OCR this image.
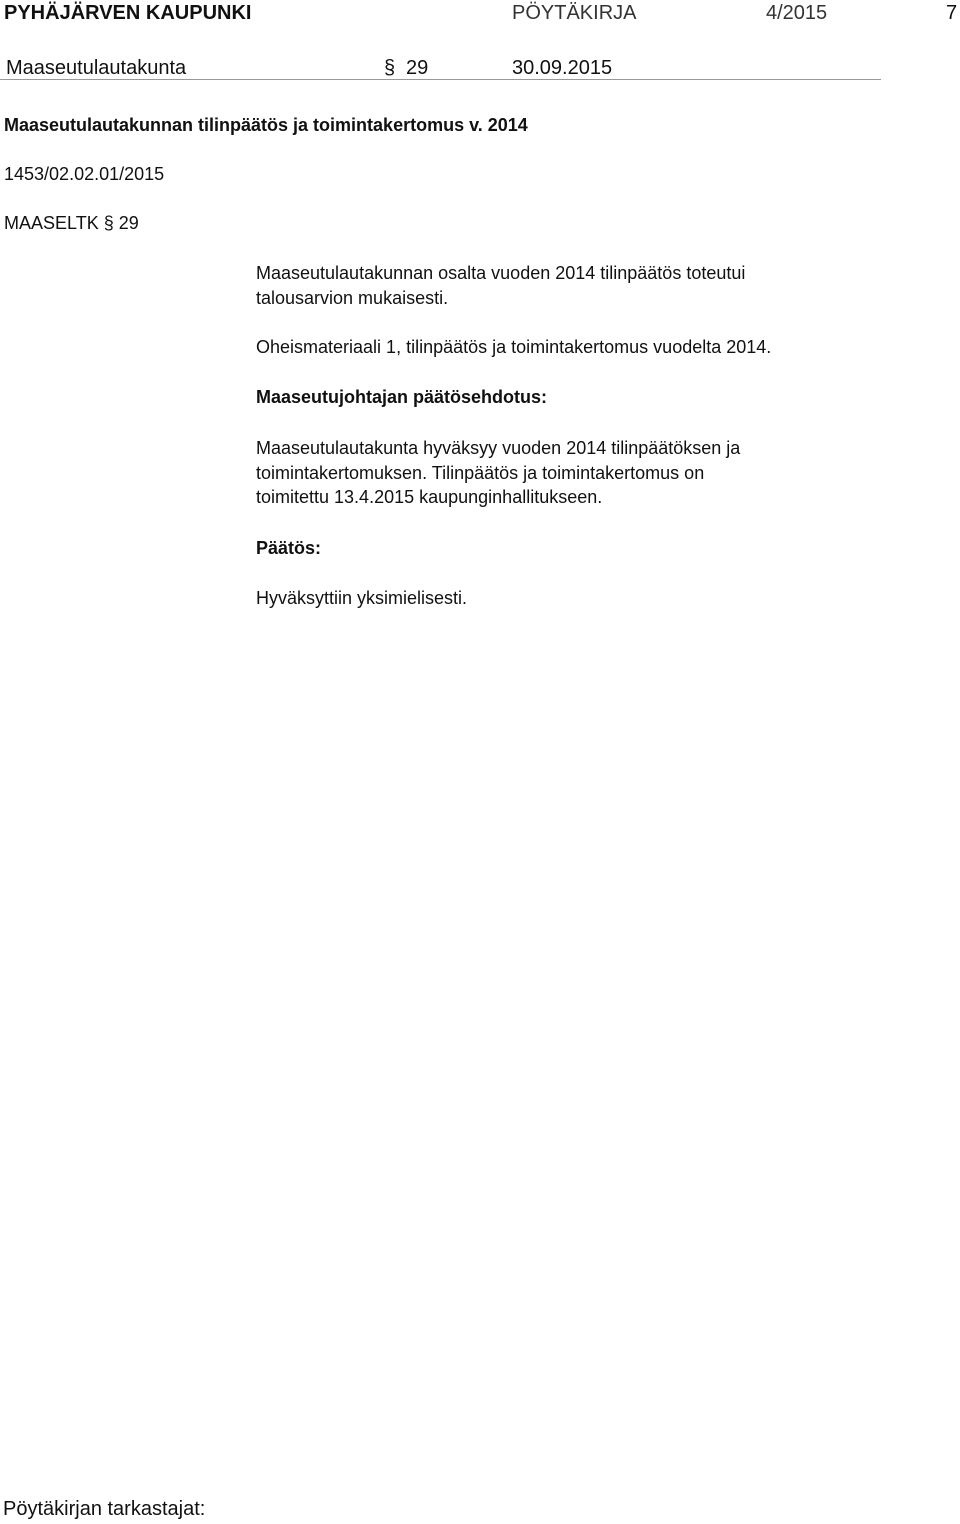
PYHÄJÄRVEN KAUPUNKI	PÖYTÄKIRJA	4/2015	7
Maaseutulautakunta	§ 29	30.09.2015
Maaseutulautakunnan tilinpäätös ja toimintakertomus v. 2014
1453/02.02.01/2015
MAASELTK § 29
Maaseutulautakunnan osalta vuoden 2014 tilinpäätös toteutui
talousarvion mukaisesti.
Oheismateriaali 1, tilinpäätös ja toimintakertomus vuodelta 2014.
Maaseutujohtajan päätösehdotus:
Maaseutulautakunta hyväksyy vuoden 2014 tilinpäätöksen ja
toimintakertomuksen. Tilinpäätös ja toimintakertomus on
toimitettu 13.4.2015 kaupunginhallitukseen.
Päätös:
Hyväksyttiin yksimielisesti.
Pöytäkirjan tarkastajat:
